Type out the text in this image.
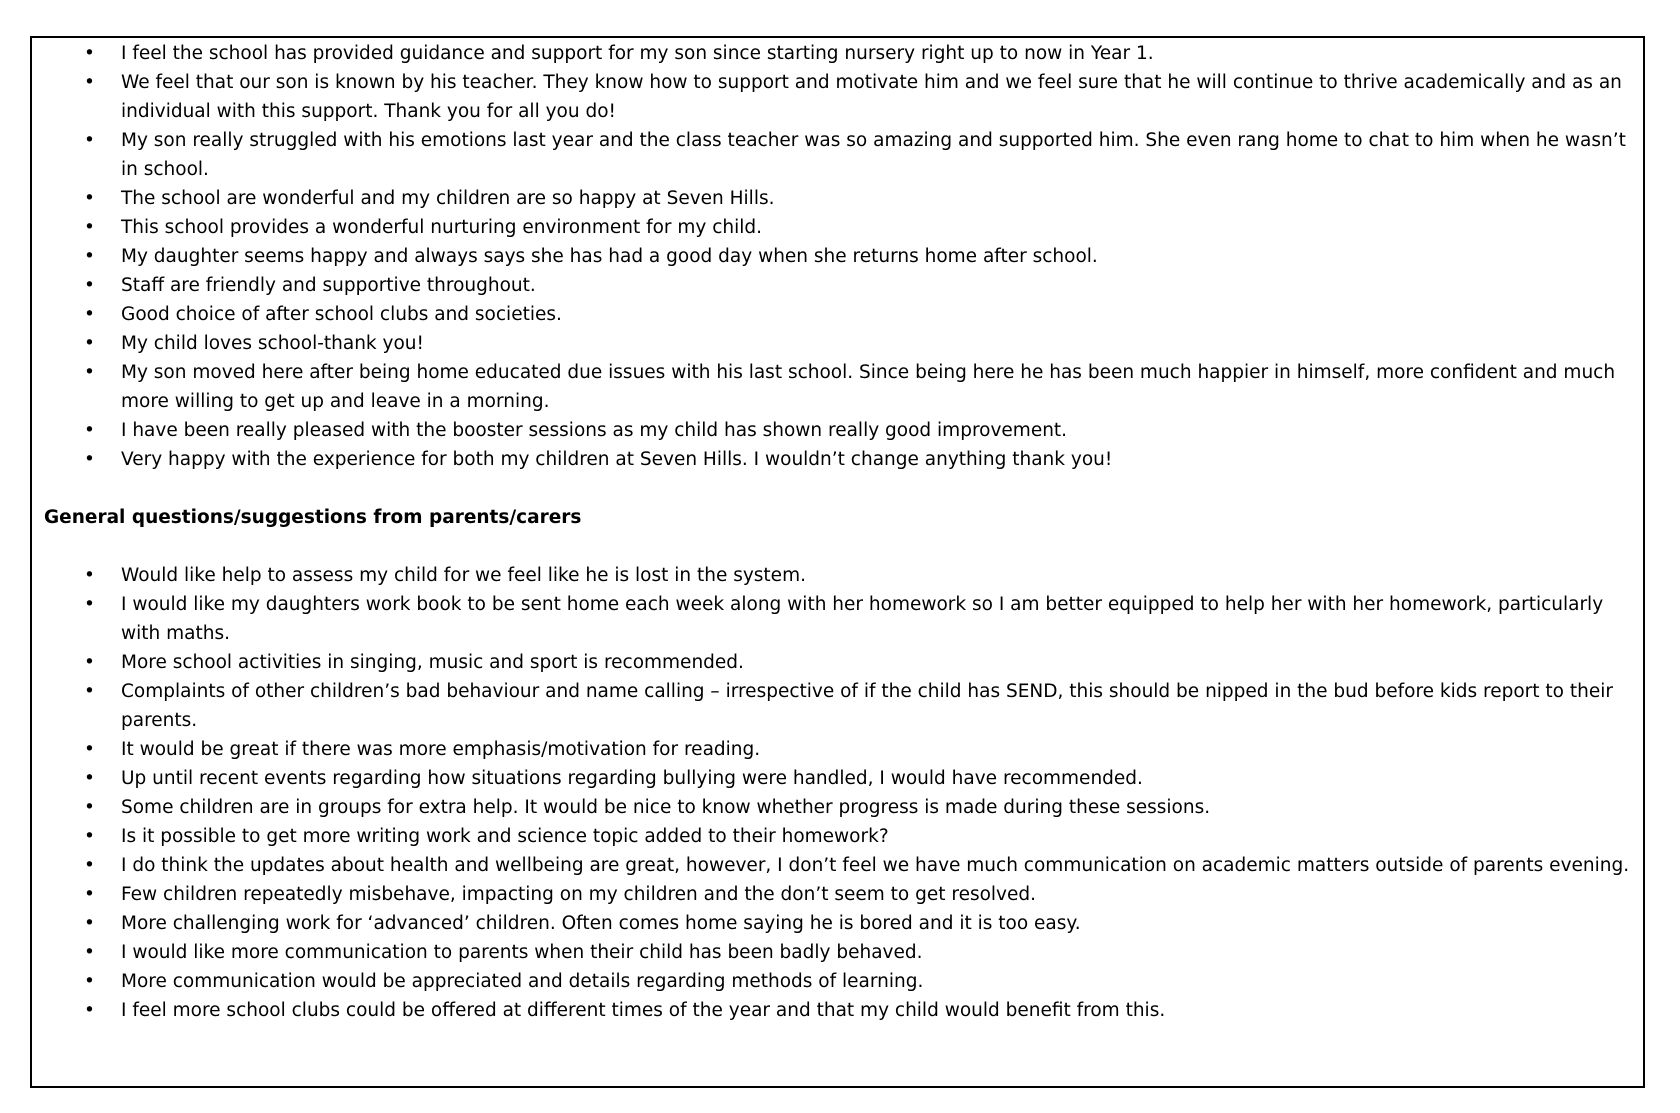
• I feel the school has provided guidance and support for my son since starting nursery right up to now in Year 1.
• We feel that our son is known by his teacher. They know how to support and motivate him and we feel sure that he will continue to thrive academically and as an individual with this support. Thank you for all you do!
• My son really struggled with his emotions last year and the class teacher was so amazing and supported him. She even rang home to chat to him when he wasn’t in school.
• The school are wonderful and my children are so happy at Seven Hills.
• This school provides a wonderful nurturing environment for my child.
• My daughter seems happy and always says she has had a good day when she returns home after school.
• Staff are friendly and supportive throughout.
• Good choice of after school clubs and societies.
• My child loves school-thank you!
• My son moved here after being home educated due issues with his last school. Since being here he has been much happier in himself, more confident and much more willing to get up and leave in a morning.
• I have been really pleased with the booster sessions as my child has shown really good improvement.
• Very happy with the experience for both my children at Seven Hills. I wouldn’t change anything thank you!
General questions/suggestions from parents/carers
• Would like help to assess my child for we feel like he is lost in the system.
• I would like my daughters work book to be sent home each week along with her homework so I am better equipped to help her with her homework, particularly with maths.
• More school activities in singing, music and sport is recommended.
• Complaints of other children’s bad behaviour and name calling – irrespective of if the child has SEND, this should be nipped in the bud before kids report to their parents.
• It would be great if there was more emphasis/motivation for reading.
• Up until recent events regarding how situations regarding bullying were handled, I would have recommended.
• Some children are in groups for extra help. It would be nice to know whether progress is made during these sessions.
• Is it possible to get more writing work and science topic added to their homework?
• I do think the updates about health and wellbeing are great, however, I don’t feel we have much communication on academic matters outside of parents evening.
• Few children repeatedly misbehave, impacting on my children and the don’t seem to get resolved.
• More challenging work for ‘advanced’ children. Often comes home saying he is bored and it is too easy.
• I would like more communication to parents when their child has been badly behaved.
• More communication would be appreciated and details regarding methods of learning.
• I feel more school clubs could be offered at different times of the year and that my child would benefit from this.
